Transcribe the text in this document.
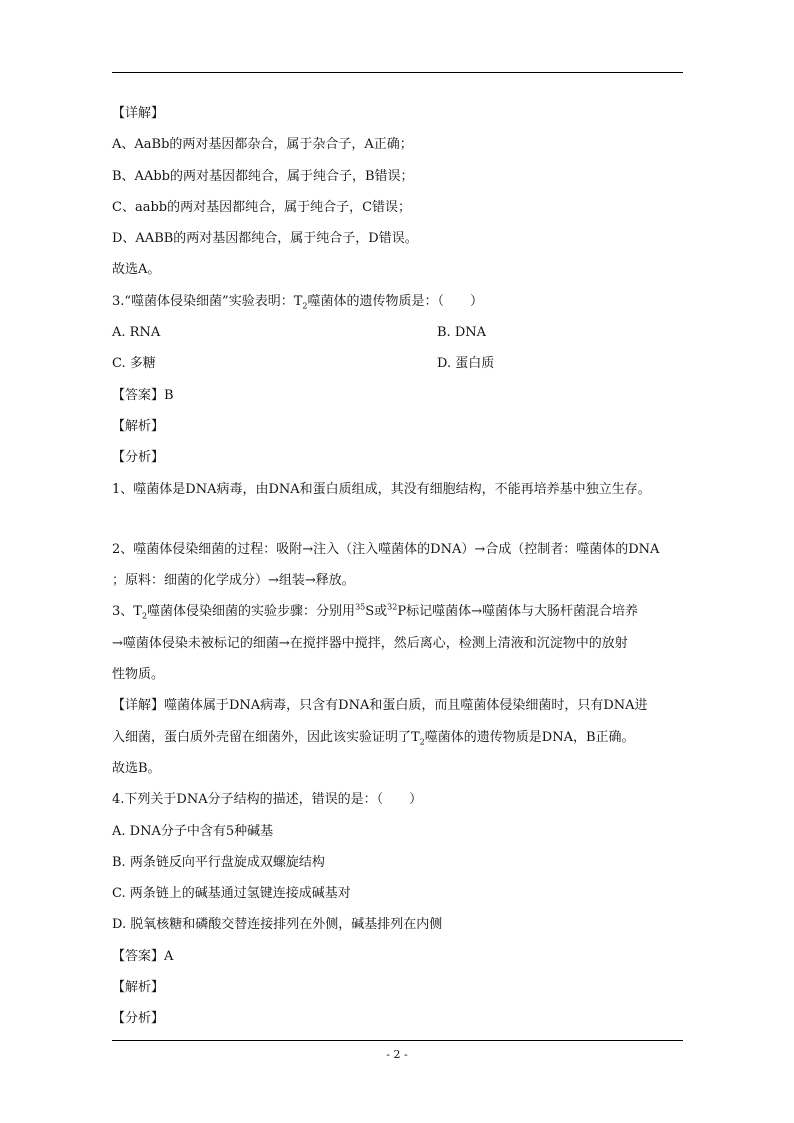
【详解】
A、AaBb的两对基因都杂合，属于杂合子，A正确；
B、AAbb的两对基因都纯合，属于纯合子，B错误；
C、aabb的两对基因都纯合，属于纯合子，C错误；
D、AABB的两对基因都纯合，属于纯合子，D错误。
故选A。
3.“噬菌体侵染细菌”实验表明：$T_2$噬菌体的遗传物质是：（　　）
A. RNA	B. DNA
C. 多糖	D. 蛋白质
【答案】B
【解析】
【分析】
1、噬菌体是DNA病毒，由DNA和蛋白质组成，其没有细胞结构，不能再培养基中独立生存。
2、噬菌体侵染细菌的过程：吸附→注入（注入噬菌体的DNA）→合成（控制者：噬菌体的DNA
；原料：细菌的化学成分）→组装→释放。
3、$T_2$噬菌体侵染细菌的实验步骤：分别用$^{35}$S或$^{32}$P标记噬菌体→噬菌体与大肠杆菌混合培养
→噬菌体侵染未被标记的细菌→在搅拌器中搅拌，然后离心，检测上清液和沉淀物中的放射
性物质。
【详解】噬菌体属于DNA病毒，只含有DNA和蛋白质，而且噬菌体侵染细菌时，只有DNA进
入细菌，蛋白质外壳留在细菌外，因此该实验证明了$T_2$噬菌体的遗传物质是DNA，B正确。
故选B。
4.下列关于DNA分子结构的描述，错误的是：（　　）
A. DNA分子中含有5种碱基
B. 两条链反向平行盘旋成双螺旋结构
C. 两条链上的碱基通过氢键连接成碱基对
D. 脱氧核糖和磷酸交替连接排列在外侧，碱基排列在内侧
【答案】A
【解析】
【分析】
- 2 -
